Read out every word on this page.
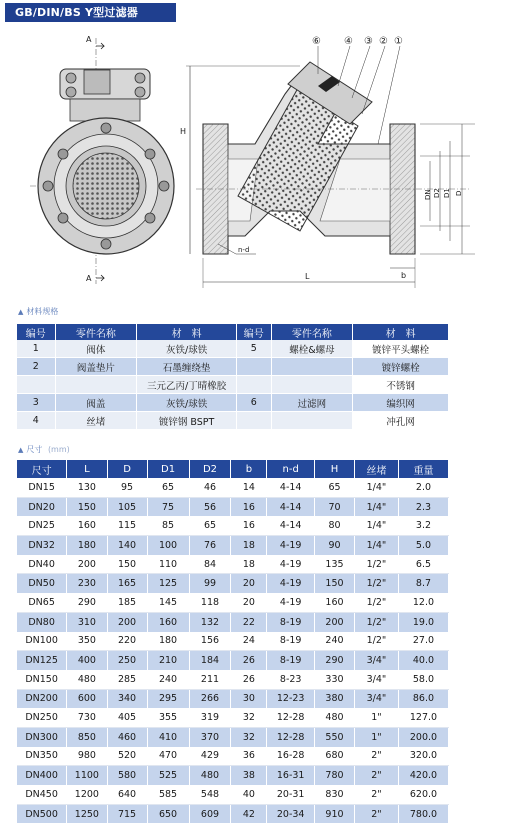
GB/DIN/BS Y型过滤器
A
A
H
DN D2 D1 D
L	b
n-d
⑥ ④ ③ ② ①
▲ 材料规格
编号	零件名称	材　料	编号	零件名称	材　料
1	阀体	灰铁/球铁	5	螺栓&螺母	镀锌平头螺栓
2	阀盖垫片	石墨缠绕垫			镀锌螺栓
		三元乙丙/丁晴橡胶			不锈钢
3	阀盖	灰铁/球铁	6	过滤网	编织网
4	丝堵	镀锌钢 BSPT			冲孔网
▲ 尺寸 (mm)
尺寸	L	D	D1	D2	b	n-d	H	丝堵	重量
DN15	130	95	65	46	14	4-14	65	1/4"	2.0
DN20	150	105	75	56	16	4-14	70	1/4"	2.3
DN25	160	115	85	65	16	4-14	80	1/4"	3.2
DN32	180	140	100	76	18	4-19	90	1/4"	5.0
DN40	200	150	110	84	18	4-19	135	1/2"	6.5
DN50	230	165	125	99	20	4-19	150	1/2"	8.7
DN65	290	185	145	118	20	4-19	160	1/2"	12.0
DN80	310	200	160	132	22	8-19	200	1/2"	19.0
DN100	350	220	180	156	24	8-19	240	1/2"	27.0
DN125	400	250	210	184	26	8-19	290	3/4"	40.0
DN150	480	285	240	211	26	8-23	330	3/4"	58.0
DN200	600	340	295	266	30	12-23	380	3/4"	86.0
DN250	730	405	355	319	32	12-28	480	1"	127.0
DN300	850	460	410	370	32	12-28	550	1"	200.0
DN350	980	520	470	429	36	16-28	680	2"	320.0
DN400	1100	580	525	480	38	16-31	780	2"	420.0
DN450	1200	640	585	548	40	20-31	830	2"	620.0
DN500	1250	715	650	609	42	20-34	910	2"	780.0
